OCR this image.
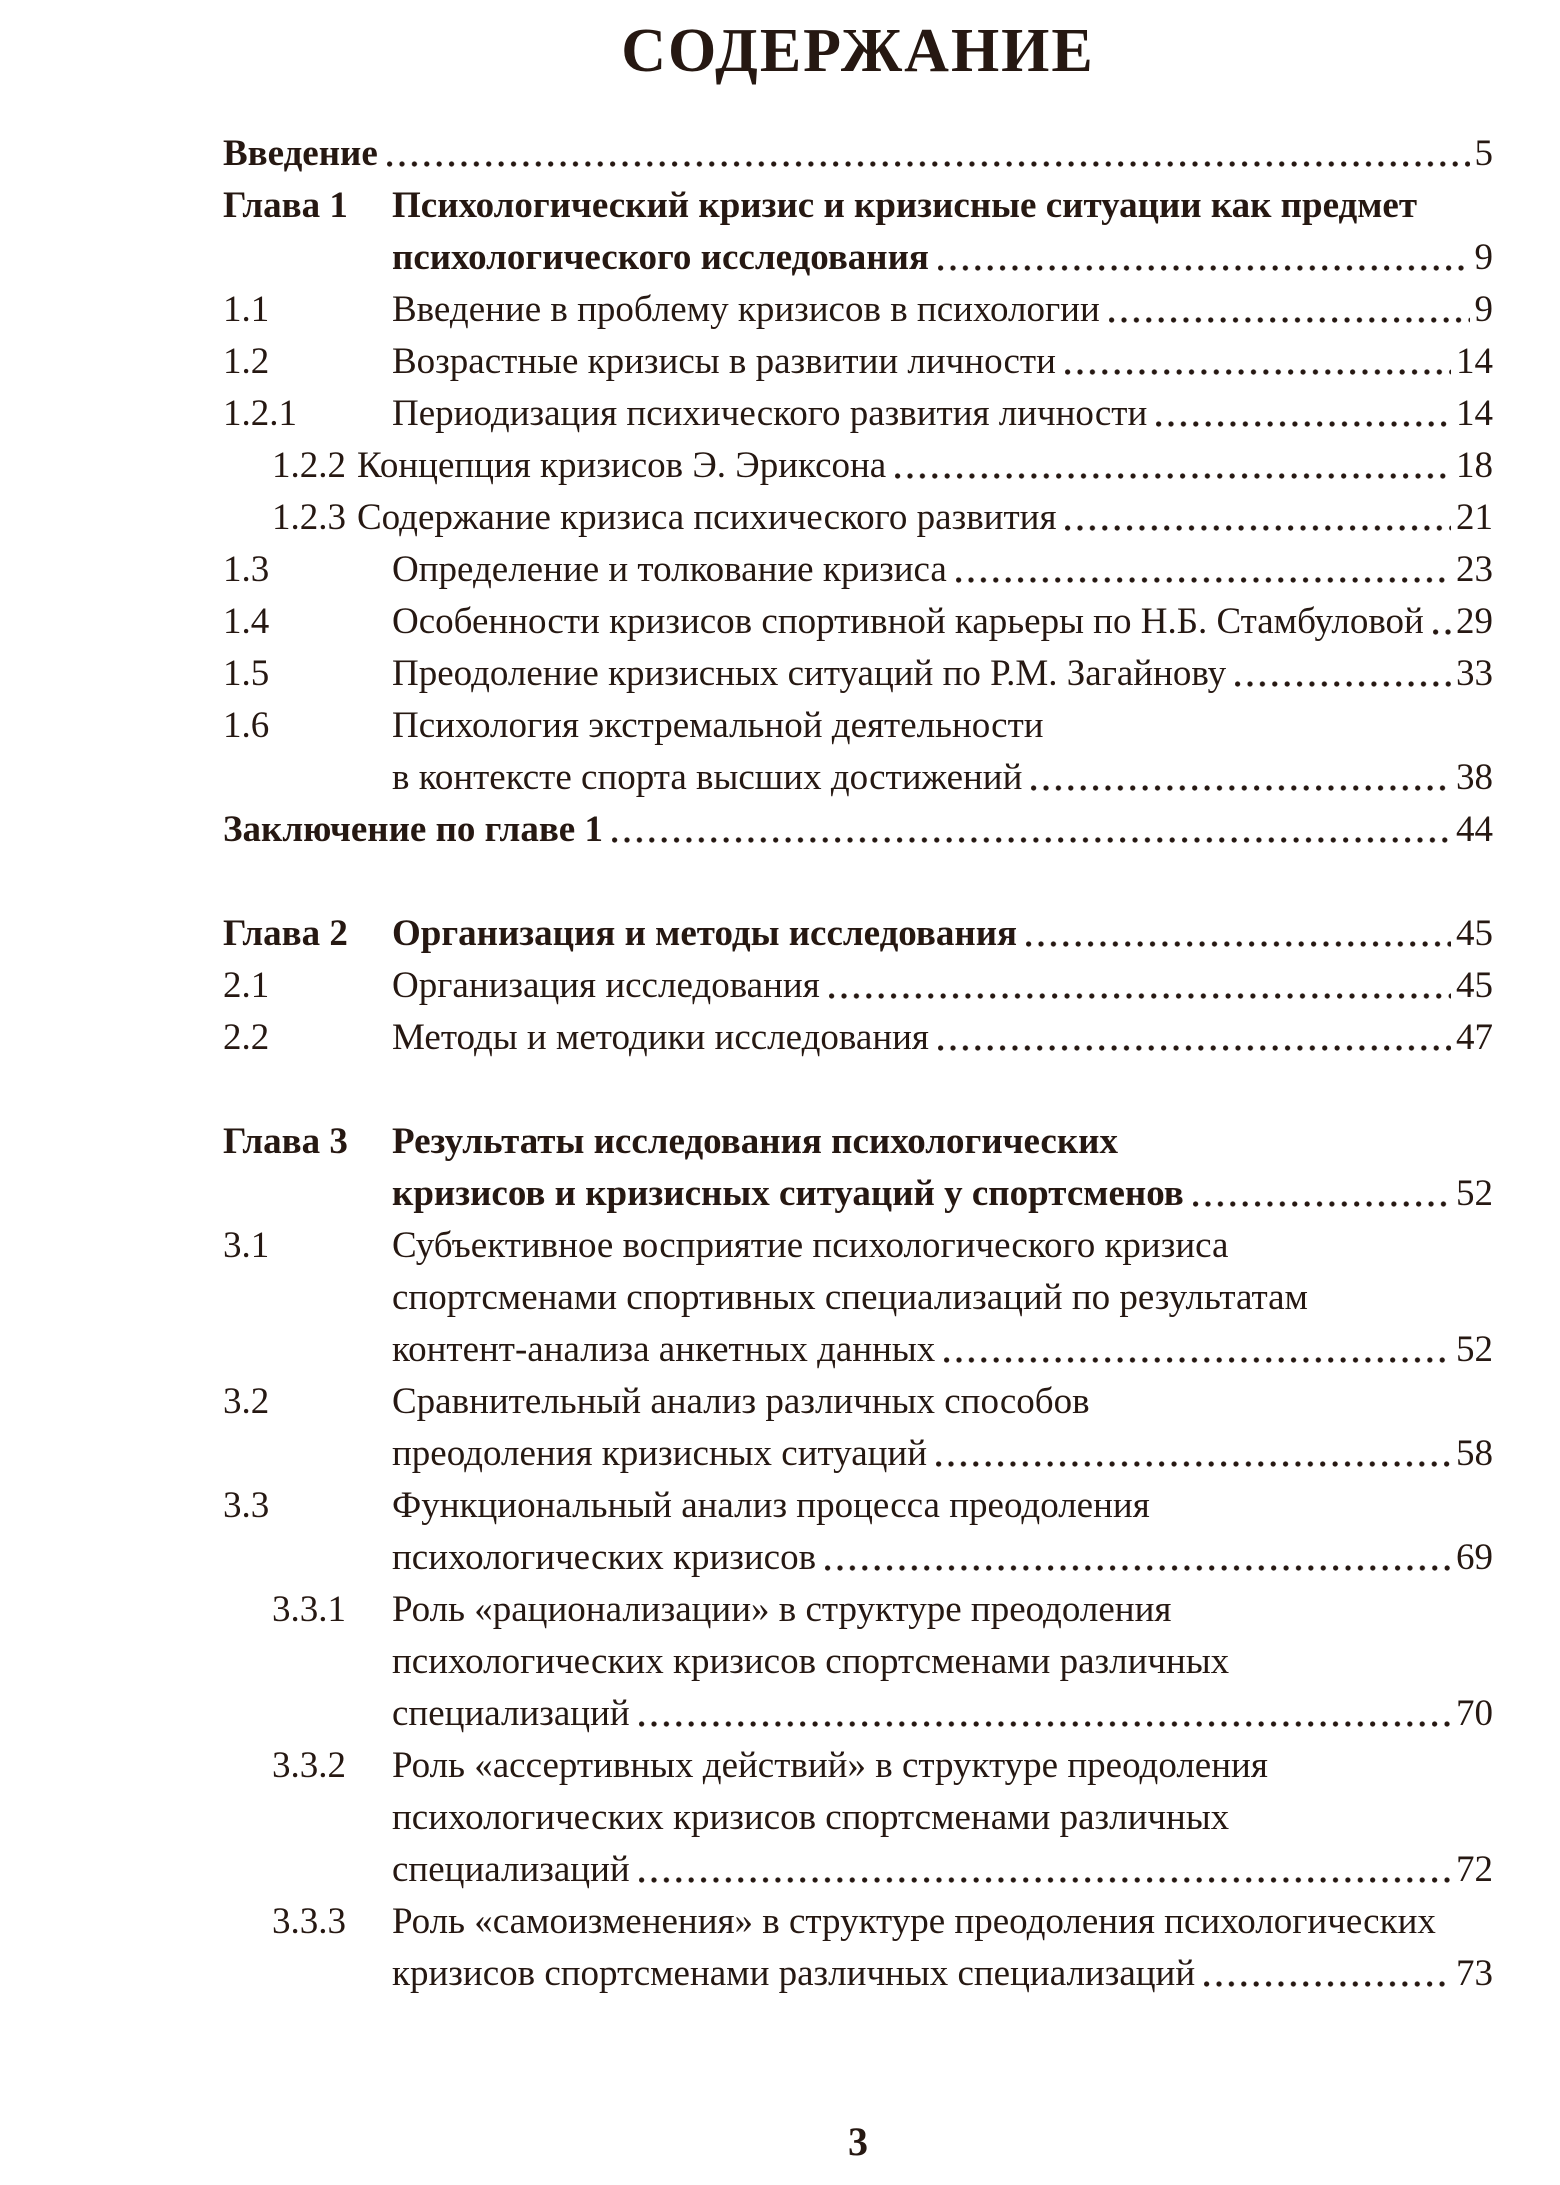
СОДЕРЖАНИЕ
Введение	5
Глава 1	Психологический кризис и кризисные ситуации как предмет
психологического исследования	9
1.1	Введение в проблему кризисов в психологии	9
1.2	Возрастные кризисы в развитии личности	14
1.2.1	Периодизация психического развития личности	14
1.2.2 Концепция кризисов Э. Эриксона	18
1.2.3 Содержание кризиса психического развития	21
1.3	Определение и толкование кризиса	23
1.4	Особенности кризисов спортивной карьеры по Н.Б. Стамбуловой 29
1.5	Преодоление кризисных ситуаций по Р.М. Загайнову	33
1.6	Психология экстремальной деятельности
в контексте спорта высших достижений	38
Заключение по главе 1	44
Глава 2	Организация и методы исследования	45
2.1	Организация исследования	45
2.2	Методы и методики исследования	47
Глава 3	Результаты исследования психологических
кризисов и кризисных ситуаций у спортсменов	52
3.1	Субъективное восприятие психологического кризиса
спортсменами спортивных специализаций по результатам
контент-анализа анкетных данных	52
3.2	Сравнительный анализ различных способов
преодоления кризисных ситуаций	58
3.3	Функциональный анализ процесса преодоления
психологических кризисов	69
3.3.1	Роль «рационализации» в структуре преодоления
психологических кризисов спортсменами различных
специализаций	70
3.3.2	Роль «ассертивных действий» в структуре преодоления
психологических кризисов спортсменами различных
специализаций	72
3.3.3	Роль «самоизменения» в структуре преодоления психологических
кризисов спортсменами различных специализаций	73
3
